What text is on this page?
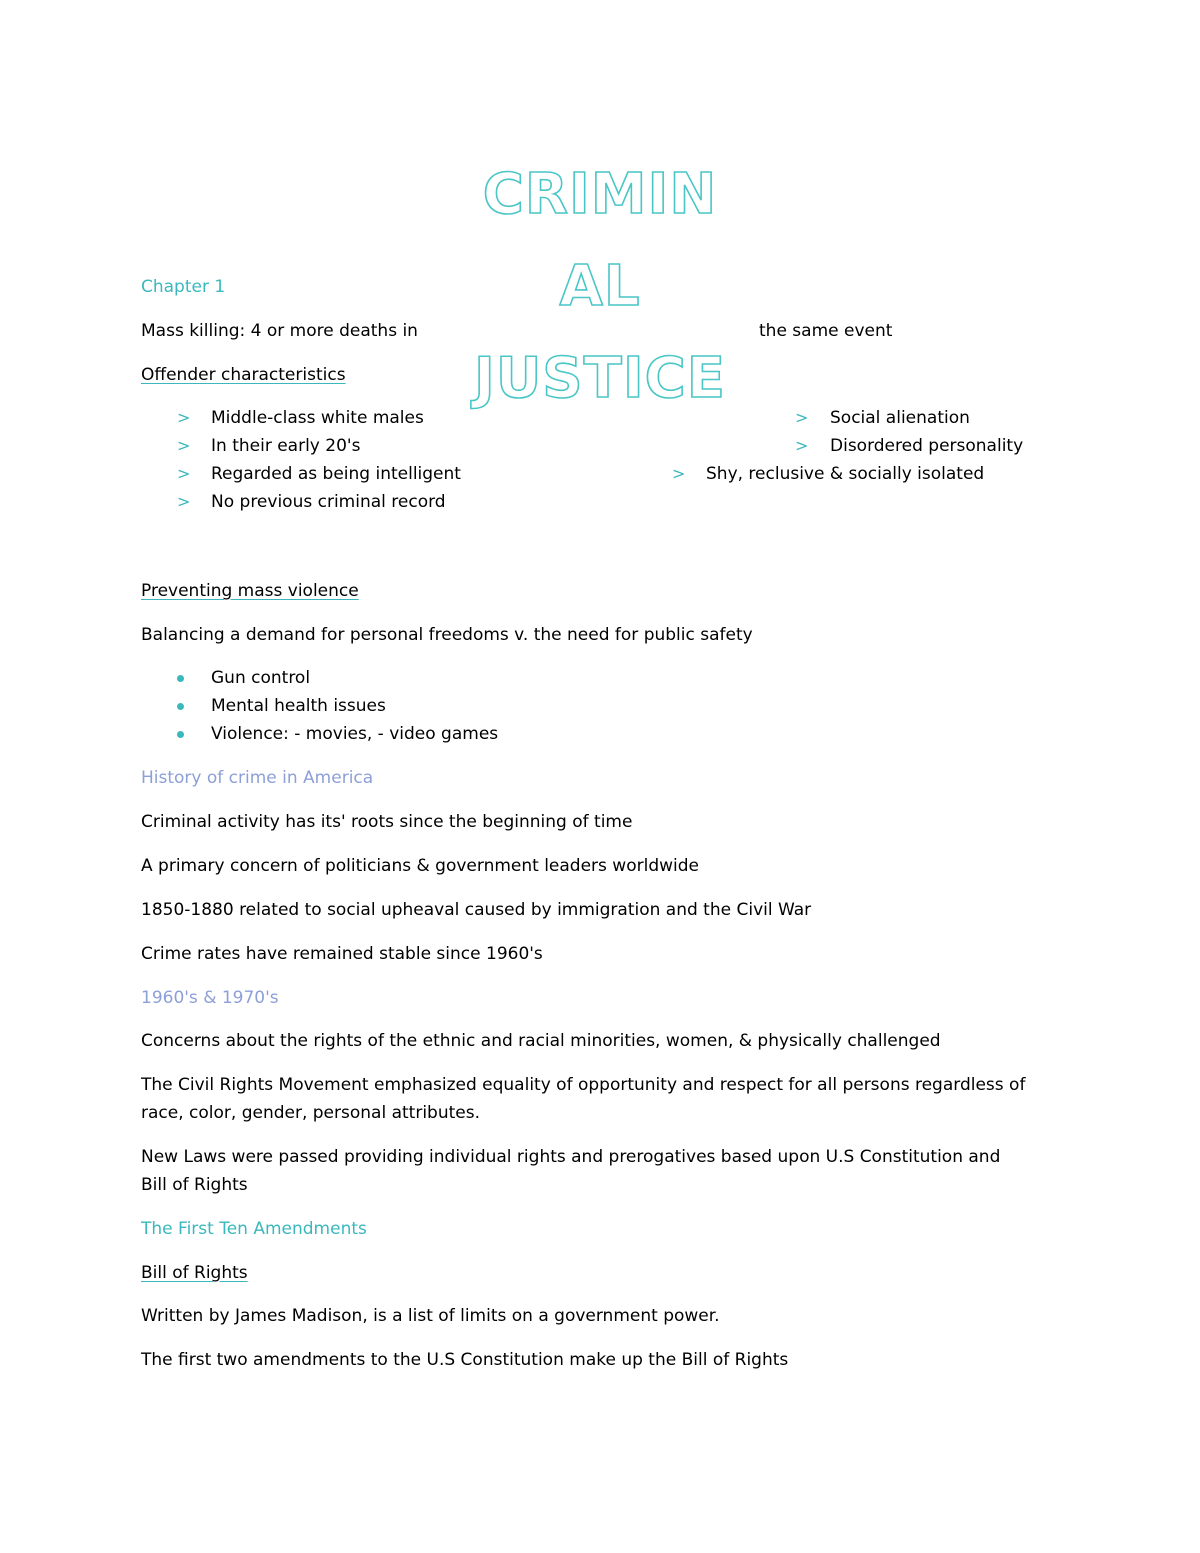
CRIMIN
AL
JUSTICE
Chapter 1
Mass killing: 4 or more deaths in	the same event
Offender characteristics
> Middle-class white males
> In their early 20's
> Regarded as being intelligent
> No previous criminal record
> Social alienation
> Disordered personality
> Shy, reclusive & socially isolated
Preventing mass violence
Balancing a demand for personal freedoms v. the need for public safety
Gun control
Mental health issues
Violence: - movies, - video games
History of crime in America
Criminal activity has its' roots since the beginning of time
A primary concern of politicians & government leaders worldwide
1850-1880 related to social upheaval caused by immigration and the Civil War
Crime rates have remained stable since 1960's
1960's & 1970's
Concerns about the rights of the ethnic and racial minorities, women, & physically challenged
The Civil Rights Movement emphasized equality of opportunity and respect for all persons regardless of
race, color, gender, personal attributes.
New Laws were passed providing individual rights and prerogatives based upon U.S Constitution and
Bill of Rights
The First Ten Amendments
Bill of Rights
Written by James Madison, is a list of limits on a government power.
The first two amendments to the U.S Constitution make up the Bill of Rights
